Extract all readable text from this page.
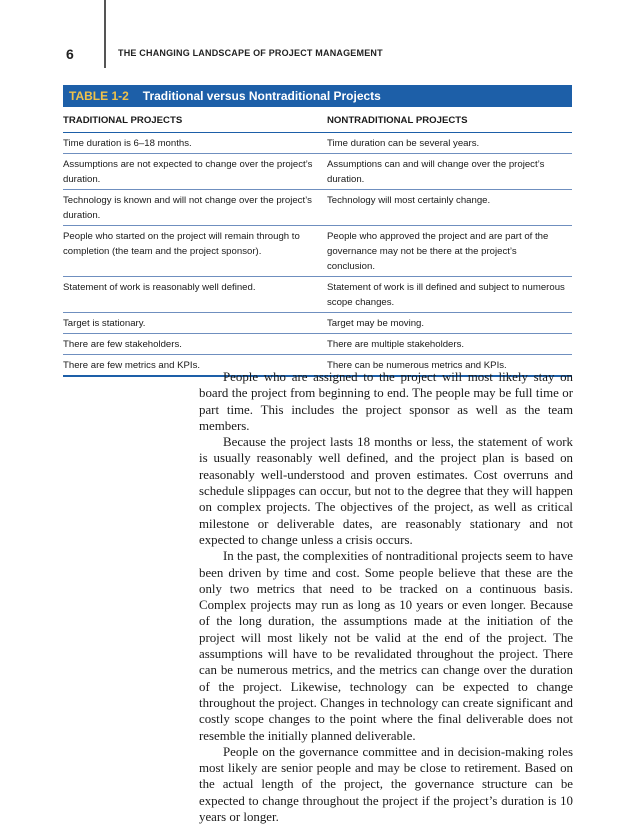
6	THE CHANGING LANDSCAPE OF PROJECT MANAGEMENT
TABLE 1-2 Traditional versus Nontraditional Projects
TRADITIONAL PROJECTS	NONTRADITIONAL PROJECTS
Time duration is 6–18 months.	Time duration can be several years.
Assumptions are not expected to change over the project’s duration.	Assumptions can and will change over the project’s duration.
Technology is known and will not change over the project’s duration.	Technology will most certainly change.
People who started on the project will remain through to completion (the team and the project sponsor).	People who approved the project and are part of the governance may not be there at the project’s conclusion.
Statement of work is reasonably well defined.	Statement of work is ill defined and subject to numerous scope changes.
Target is stationary.	Target may be moving.
There are few stakeholders.	There are multiple stakeholders.
There are few metrics and KPIs.	There can be numerous metrics and KPIs.

People who are assigned to the project will most likely stay on board the project from beginning to end. The people may be full time or part time. This includes the project sponsor as well as the team members.

Because the project lasts 18 months or less, the statement of work is usually reasonably well defined, and the project plan is based on reasonably well-understood and proven estimates. Cost overruns and schedule slippages can occur, but not to the degree that they will happen on complex projects. The objectives of the project, as well as critical milestone or deliverable dates, are reasonably stationary and not expected to change unless a crisis occurs.

In the past, the complexities of nontraditional projects seem to have been driven by time and cost. Some people believe that these are the only two metrics that need to be tracked on a continuous basis. Complex projects may run as long as 10 years or even longer. Because of the long duration, the assumptions made at the initiation of the project will most likely not be valid at the end of the project. The assumptions will have to be revalidated throughout the project. There can be numerous metrics, and the metrics can change over the duration of the project. Likewise, technology can be expected to change throughout the project. Changes in technology can create significant and costly scope changes to the point where the final deliverable does not resemble the initially planned deliverable.

People on the governance committee and in decision-making roles most likely are senior people and may be close to retirement. Based on the actual length of the project, the governance structure can be expected to change throughout the project if the project’s duration is 10 years or longer.
